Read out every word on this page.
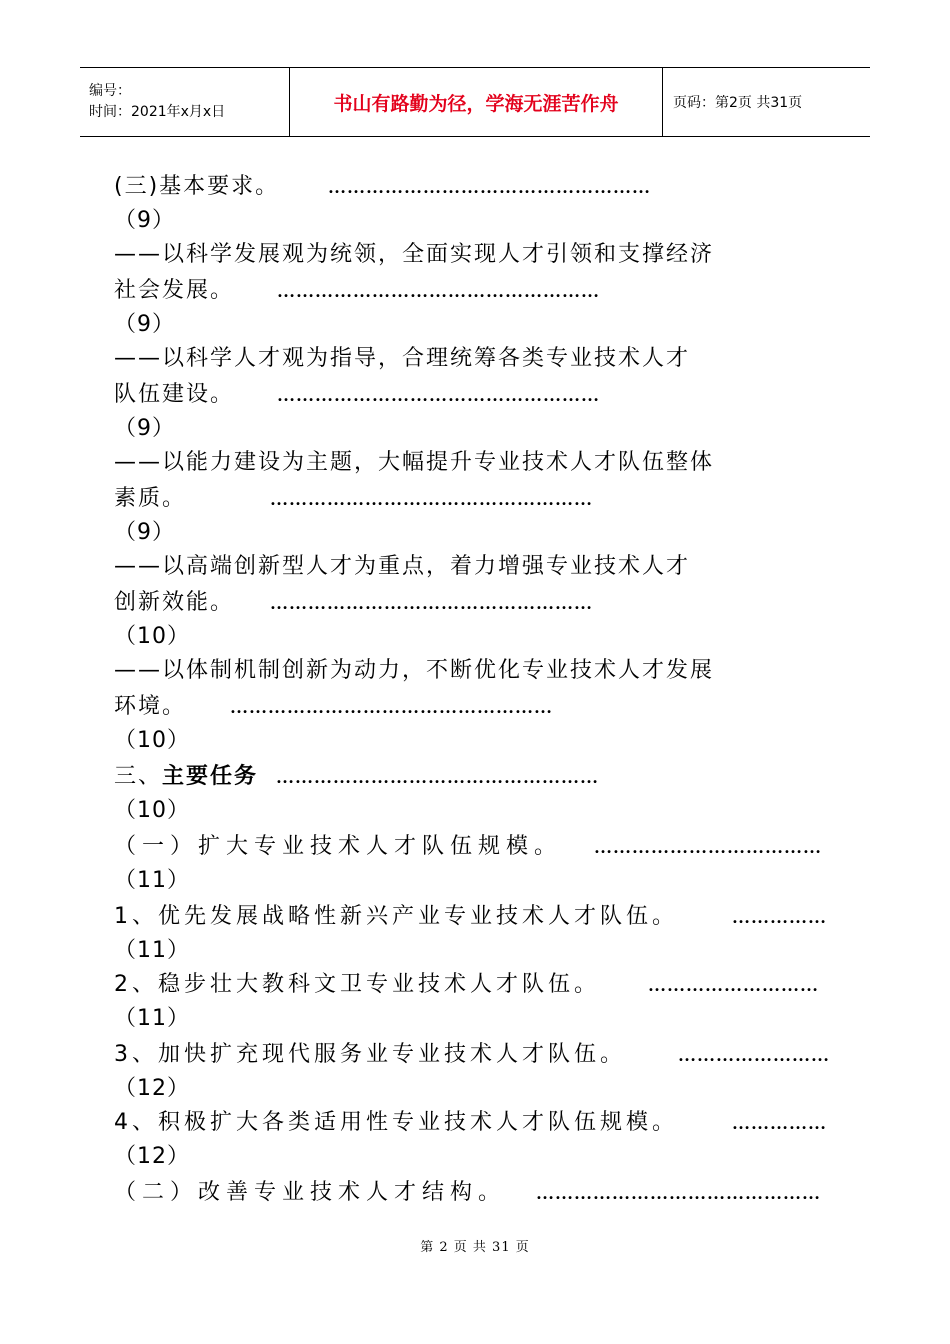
编号：
时间：2021年x月x日	书山有路勤为径，学海无涯苦作舟	页码：第2页 共31页
(三)基本要求。	……………………………………………
（9）
——以科学发展观为统领，全面实现人才引领和支撑经济
社会发展。 ……………………………………………
（9）
——以科学人才观为指导，合理统筹各类专业技术人才
队伍建设。 ……………………………………………
（9）
——以能力建设为主题，大幅提升专业技术人才队伍整体
素质。	……………………………………………
（9）
——以高端创新型人才为重点，着力增强专业技术人才
创新效能。 ……………………………………………
（10）
——以体制机制创新为动力，不断优化专业技术人才发展
环境。 ……………………………………………
（10）
三、主要任务 ……………………………………………
（10）
（一）扩大专业技术人才队伍规模。 ………………………………
（11）
1、优先发展战略性新兴产业专业技术人才队伍。	……………
（11）
2、稳步壮大教科文卫专业技术人才队伍。	………………………
（11）
3、加快扩充现代服务业专业技术人才队伍。	……………………
（12）
4、积极扩大各类适用性专业技术人才队伍规模。	……………
（12）
（二）改善专业技术人才结构。 ………………………………………
第 2 页 共 31 页
